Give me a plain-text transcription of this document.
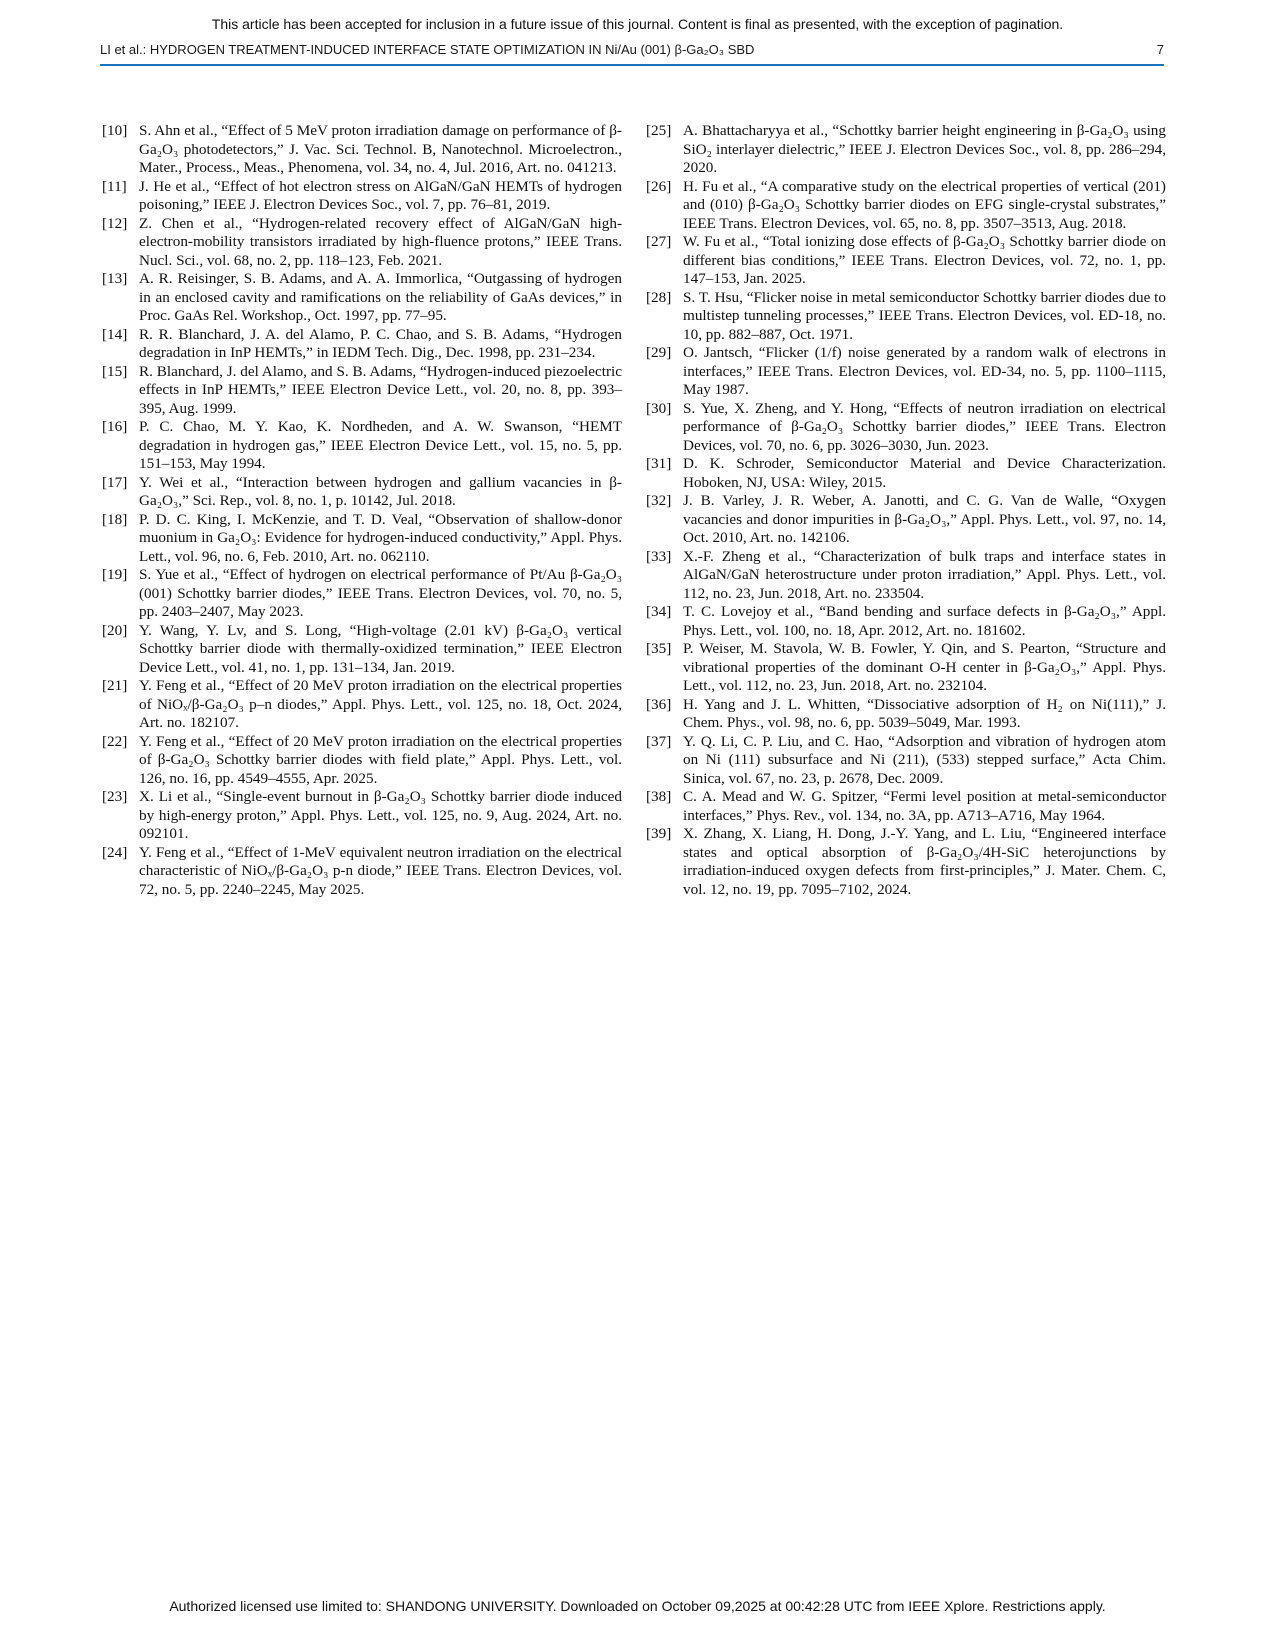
This article has been accepted for inclusion in a future issue of this journal. Content is final as presented, with the exception of pagination.
LI et al.: HYDROGEN TREATMENT-INDUCED INTERFACE STATE OPTIMIZATION IN Ni/Au (001) β-Ga₂O₃ SBD	7

[10] S. Ahn et al., “Effect of 5 MeV proton irradiation damage on performance of β-Ga₂O₃ photodetectors,” J. Vac. Sci. Technol. B, Nanotechnol. Microelectron., Mater., Process., Meas., Phenomena, vol. 34, no. 4, Jul. 2016, Art. no. 041213.

[11] J. He et al., “Effect of hot electron stress on AlGaN/GaN HEMTs of hydrogen poisoning,” IEEE J. Electron Devices Soc., vol. 7, pp. 76–81, 2019.

[12] Z. Chen et al., “Hydrogen-related recovery effect of AlGaN/GaN high-electron-mobility transistors irradiated by high-fluence protons,” IEEE Trans. Nucl. Sci., vol. 68, no. 2, pp. 118–123, Feb. 2021.

[13] A. R. Reisinger, S. B. Adams, and A. A. Immorlica, “Outgassing of hydrogen in an enclosed cavity and ramifications on the reliability of GaAs devices,” in Proc. GaAs Rel. Workshop., Oct. 1997, pp. 77–95.

[14] R. R. Blanchard, J. A. del Alamo, P. C. Chao, and S. B. Adams, “Hydrogen degradation in InP HEMTs,” in IEDM Tech. Dig., Dec. 1998, pp. 231–234.

[15] R. Blanchard, J. del Alamo, and S. B. Adams, “Hydrogen-induced piezoelectric effects in InP HEMTs,” IEEE Electron Device Lett., vol. 20, no. 8, pp. 393–395, Aug. 1999.

[16] P. C. Chao, M. Y. Kao, K. Nordheden, and A. W. Swanson, “HEMT degradation in hydrogen gas,” IEEE Electron Device Lett., vol. 15, no. 5, pp. 151–153, May 1994.

[17] Y. Wei et al., “Interaction between hydrogen and gallium vacancies in β-Ga₂O₃,” Sci. Rep., vol. 8, no. 1, p. 10142, Jul. 2018.

[18] P. D. C. King, I. McKenzie, and T. D. Veal, “Observation of shallow-donor muonium in Ga₂O₃: Evidence for hydrogen-induced conductivity,” Appl. Phys. Lett., vol. 96, no. 6, Feb. 2010, Art. no. 062110.

[19] S. Yue et al., “Effect of hydrogen on electrical performance of Pt/Au β-Ga₂O₃ (001) Schottky barrier diodes,” IEEE Trans. Electron Devices, vol. 70, no. 5, pp. 2403–2407, May 2023.

[20] Y. Wang, Y. Lv, and S. Long, “High-voltage (2.01 kV) β-Ga₂O₃ vertical Schottky barrier diode with thermally-oxidized termination,” IEEE Electron Device Lett., vol. 41, no. 1, pp. 131–134, Jan. 2019.

[21] Y. Feng et al., “Effect of 20 MeV proton irradiation on the electrical properties of NiOₓ/β-Ga₂O₃ p–n diodes,” Appl. Phys. Lett., vol. 125, no. 18, Oct. 2024, Art. no. 182107.

[22] Y. Feng et al., “Effect of 20 MeV proton irradiation on the electrical properties of β-Ga₂O₃ Schottky barrier diodes with field plate,” Appl. Phys. Lett., vol. 126, no. 16, pp. 4549–4555, Apr. 2025.

[23] X. Li et al., “Single-event burnout in β-Ga₂O₃ Schottky barrier diode induced by high-energy proton,” Appl. Phys. Lett., vol. 125, no. 9, Aug. 2024, Art. no. 092101.

[24] Y. Feng et al., “Effect of 1-MeV equivalent neutron irradiation on the electrical characteristic of NiOₓ/β-Ga₂O₃ p-n diode,” IEEE Trans. Electron Devices, vol. 72, no. 5, pp. 2240–2245, May 2025.

[25] A. Bhattacharyya et al., “Schottky barrier height engineering in β-Ga₂O₃ using SiO₂ interlayer dielectric,” IEEE J. Electron Devices Soc., vol. 8, pp. 286–294, 2020.

[26] H. Fu et al., “A comparative study on the electrical properties of vertical (201) and (010) β-Ga₂O₃ Schottky barrier diodes on EFG single-crystal substrates,” IEEE Trans. Electron Devices, vol. 65, no. 8, pp. 3507–3513, Aug. 2018.

[27] W. Fu et al., “Total ionizing dose effects of β-Ga₂O₃ Schottky barrier diode on different bias conditions,” IEEE Trans. Electron Devices, vol. 72, no. 1, pp. 147–153, Jan. 2025.

[28] S. T. Hsu, “Flicker noise in metal semiconductor Schottky barrier diodes due to multistep tunneling processes,” IEEE Trans. Electron Devices, vol. ED-18, no. 10, pp. 882–887, Oct. 1971.

[29] O. Jantsch, “Flicker (1/f) noise generated by a random walk of electrons in interfaces,” IEEE Trans. Electron Devices, vol. ED-34, no. 5, pp. 1100–1115, May 1987.

[30] S. Yue, X. Zheng, and Y. Hong, “Effects of neutron irradiation on electrical performance of β-Ga₂O₃ Schottky barrier diodes,” IEEE Trans. Electron Devices, vol. 70, no. 6, pp. 3026–3030, Jun. 2023.

[31] D. K. Schroder, Semiconductor Material and Device Characterization. Hoboken, NJ, USA: Wiley, 2015.

[32] J. B. Varley, J. R. Weber, A. Janotti, and C. G. Van de Walle, “Oxygen vacancies and donor impurities in β-Ga₂O₃,” Appl. Phys. Lett., vol. 97, no. 14, Oct. 2010, Art. no. 142106.

[33] X.-F. Zheng et al., “Characterization of bulk traps and interface states in AlGaN/GaN heterostructure under proton irradiation,” Appl. Phys. Lett., vol. 112, no. 23, Jun. 2018, Art. no. 233504.

[34] T. C. Lovejoy et al., “Band bending and surface defects in β-Ga₂O₃,” Appl. Phys. Lett., vol. 100, no. 18, Apr. 2012, Art. no. 181602.

[35] P. Weiser, M. Stavola, W. B. Fowler, Y. Qin, and S. Pearton, “Structure and vibrational properties of the dominant O-H center in β-Ga₂O₃,” Appl. Phys. Lett., vol. 112, no. 23, Jun. 2018, Art. no. 232104.

[36] H. Yang and J. L. Whitten, “Dissociative adsorption of H₂ on Ni(111),” J. Chem. Phys., vol. 98, no. 6, pp. 5039–5049, Mar. 1993.

[37] Y. Q. Li, C. P. Liu, and C. Hao, “Adsorption and vibration of hydrogen atom on Ni (111) subsurface and Ni (211), (533) stepped surface,” Acta Chim. Sinica, vol. 67, no. 23, p. 2678, Dec. 2009.

[38] C. A. Mead and W. G. Spitzer, “Fermi level position at metal-semiconductor interfaces,” Phys. Rev., vol. 134, no. 3A, pp. A713–A716, May 1964.

[39] X. Zhang, X. Liang, H. Dong, J.-Y. Yang, and L. Liu, “Engineered interface states and optical absorption of β-Ga₂O₃/4H-SiC heterojunctions by irradiation-induced oxygen defects from first-principles,” J. Mater. Chem. C, vol. 12, no. 19, pp. 7095–7102, 2024.

Authorized licensed use limited to: SHANDONG UNIVERSITY. Downloaded on October 09,2025 at 00:42:28 UTC from IEEE Xplore. Restrictions apply.
